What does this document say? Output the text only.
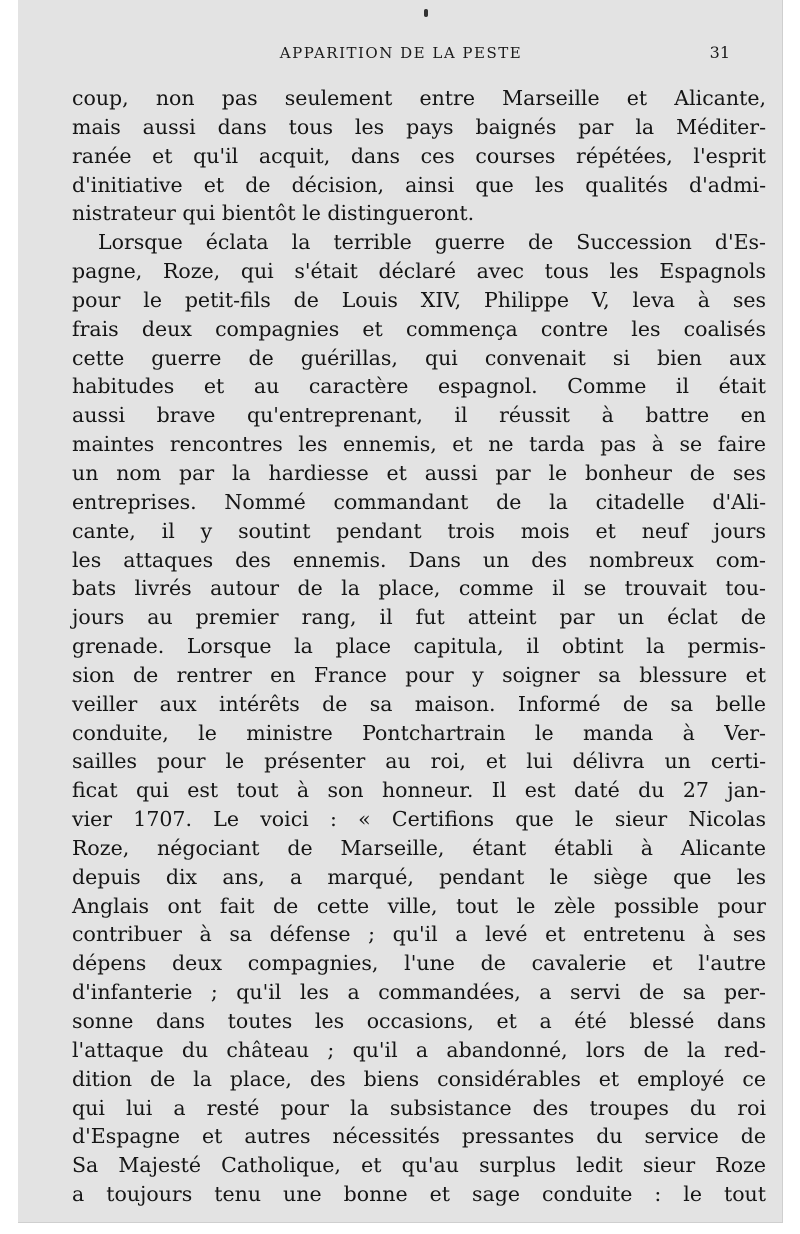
APPARITION DE LA PESTE	31
coup, non pas seulement entre Marseille et Alicante,
mais aussi dans tous les pays baignés par la Méditer-
ranée et qu'il acquit, dans ces courses répétées, l'esprit
d'initiative et de décision, ainsi que les qualités d'admi-
nistrateur qui bientôt le distingueront.
Lorsque éclata la terrible guerre de Succession d'Es-
pagne, Roze, qui s'était déclaré avec tous les Espagnols
pour le petit-fils de Louis XIV, Philippe V, leva à ses
frais deux compagnies et commença contre les coalisés
cette guerre de guérillas, qui convenait si bien aux
habitudes et au caractère espagnol. Comme il était
aussi brave qu'entreprenant, il réussit à battre en
maintes rencontres les ennemis, et ne tarda pas à se faire
un nom par la hardiesse et aussi par le bonheur de ses
entreprises. Nommé commandant de la citadelle d'Ali-
cante, il y soutint pendant trois mois et neuf jours
les attaques des ennemis. Dans un des nombreux com-
bats livrés autour de la place, comme il se trouvait tou-
jours au premier rang, il fut atteint par un éclat de
grenade. Lorsque la place capitula, il obtint la permis-
sion de rentrer en France pour y soigner sa blessure et
veiller aux intérêts de sa maison. Informé de sa belle
conduite, le ministre Pontchartrain le manda à Ver-
sailles pour le présenter au roi, et lui délivra un certi-
ficat qui est tout à son honneur. Il est daté du 27 jan-
vier 1707. Le voici : « Certifions que le sieur Nicolas
Roze, négociant de Marseille, étant établi à Alicante
depuis dix ans, a marqué, pendant le siège que les
Anglais ont fait de cette ville, tout le zèle possible pour
contribuer à sa défense ; qu'il a levé et entretenu à ses
dépens deux compagnies, l'une de cavalerie et l'autre
d'infanterie ; qu'il les a commandées, a servi de sa per-
sonne dans toutes les occasions, et a été blessé dans
l'attaque du château ; qu'il a abandonné, lors de la red-
dition de la place, des biens considérables et employé ce
qui lui a resté pour la subsistance des troupes du roi
d'Espagne et autres nécessités pressantes du service de
Sa Majesté Catholique, et qu'au surplus ledit sieur Roze
a toujours tenu une bonne et sage conduite : le tout
